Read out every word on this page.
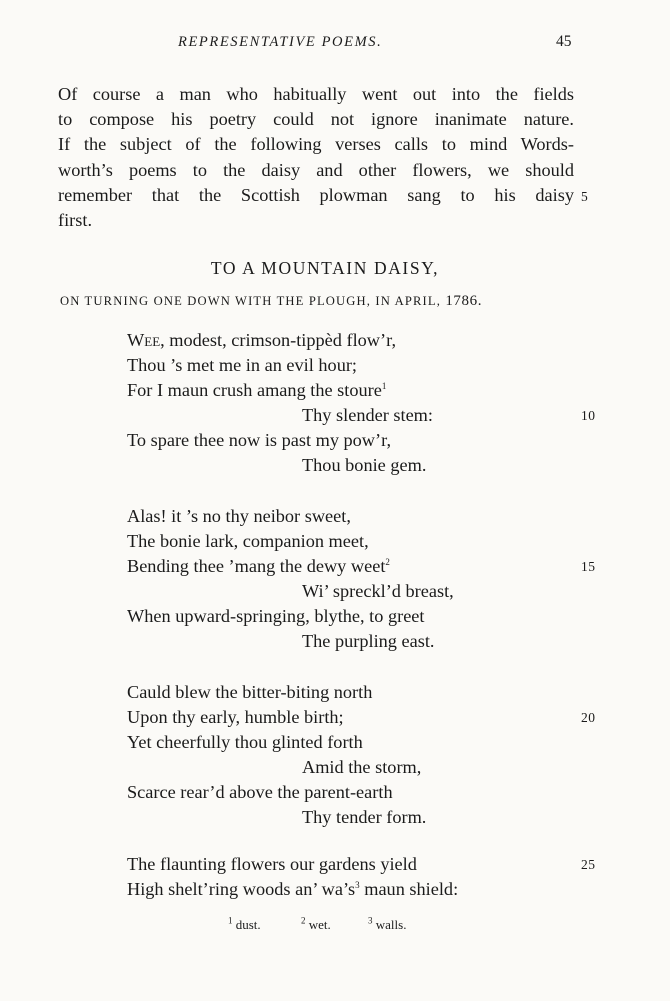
REPRESENTATIVE POEMS.	45
Of course a man who habitually went out into the fields
to compose his poetry could not ignore inanimate nature.
If the subject of the following verses calls to mind Words-
worth’s poems to the daisy and other flowers, we should
remember that the Scottish plowman sang to his daisy
first.
5
TO A MOUNTAIN DAISY,
ON TURNING ONE DOWN WITH THE PLOUGH, IN APRIL, 1786.
Wee, modest, crimson-tippèd flow’r,
Thou ’s met me in an evil hour;
For I maun crush amang the stoure$^1$
Thy slender stem:	10
To spare thee now is past my pow’r,
Thou bonie gem.
Alas! it ’s no thy neibor sweet,
The bonie lark, companion meet,
Bending thee ’mang the dewy weet$^2$	15
Wi’ spreckl’d breast,
When upward-springing, blythe, to greet
The purpling east.
Cauld blew the bitter-biting north
Upon thy early, humble birth;	20
Yet cheerfully thou glinted forth
Amid the storm,
Scarce rear’d above the parent-earth
Thy tender form.
The flaunting flowers our gardens yield	25
High shelt’ring woods an’ $wa’s^3$ maun shield:
$^1$ dust.	$^2$ wet.	$^3$ walls.
